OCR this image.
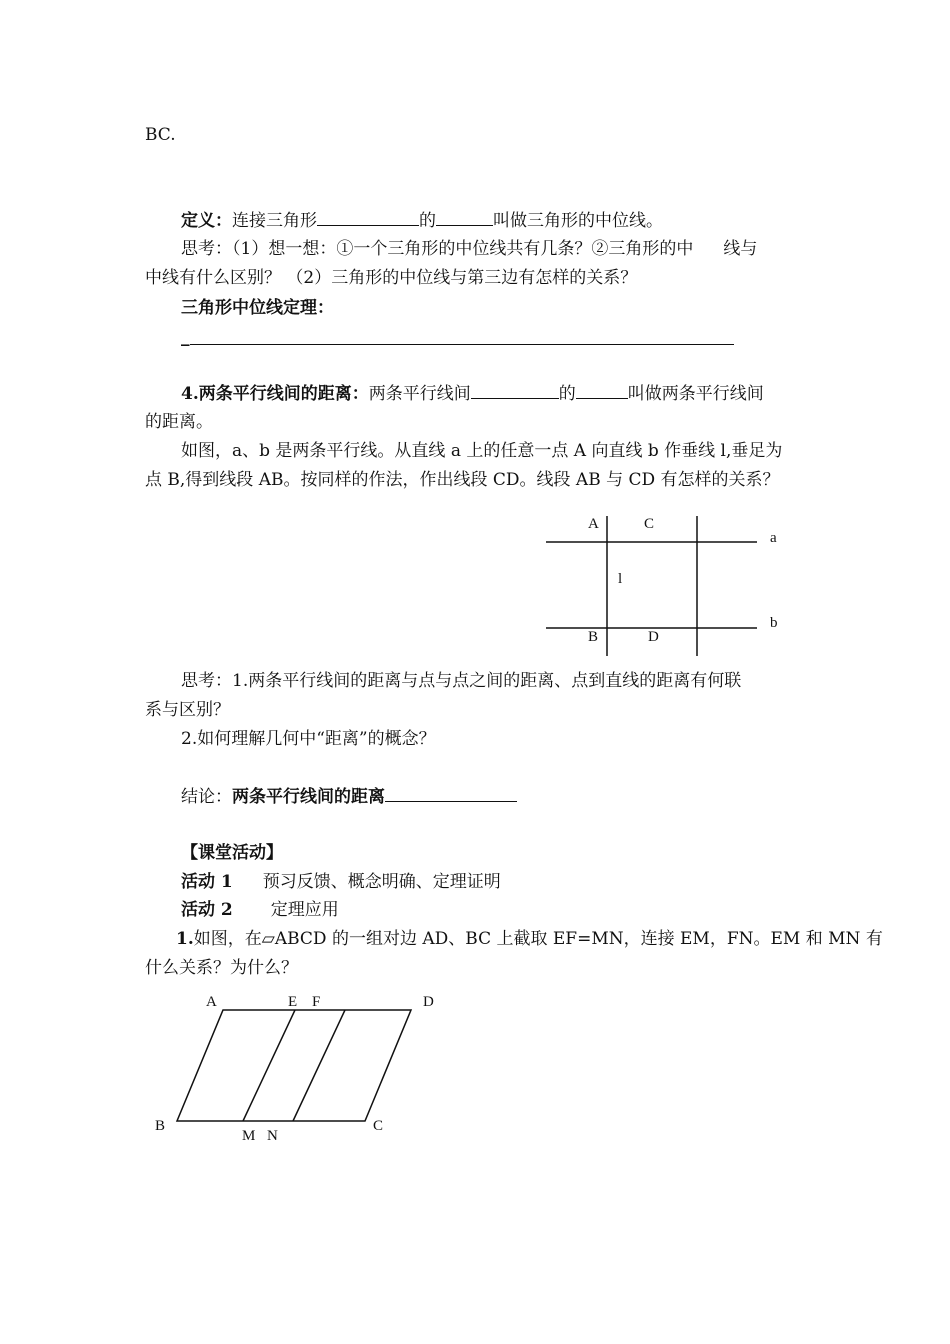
BC.
定义：连接三角形	的	叫做三角形的中位线。
思考：（1）想一想：①一个三角形的中位线共有几条？②三角形的中 线与
中线有什么区别？ （2）三角形的中位线与第三边有怎样的关系？
三角形中位线定理：
_
4.两条平行线间的距离：两条平行线间	的	叫做两条平行线间
的距离。
如图，a、b 是两条平行线。从直线 a 上的任意一点 A 向直线 b 作垂线 l,垂足为
点 B,得到线段 AB。按同样的作法，作出线段 CD。线段 AB 与 CD 有怎样的关系？
A	C
a
l
B	D
b
思考：1.两条平行线间的距离与点与点之间的距离、点到直线的距离有何联
系与区别？
2.如何理解几何中“距离”的概念？
结论：两条平行线间的距离
【课堂活动】
活动 1 预习反馈、概念明确、定理证明
活动 2 定理应用
1.如图，在▱ABCD 的一组对边 AD、BC 上截取 EF=MN，连接 EM，FN。EM 和 MN 有
什么关系？为什么？
A	E F	D
B
M N
C
